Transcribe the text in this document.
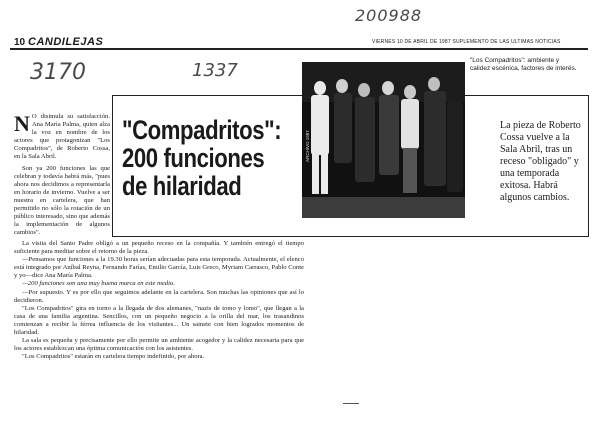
200988
3170	1337
10 CANDILEJAS	VIERNES 10 DE ABRIL DE 1987 SUPLEMENTO DE LAS ULTIMAS NOTICIAS
"Compadritos": 200 funciones de hilaridad
La pieza de Roberto Cossa vuelve a la Sala Abril, tras un receso "obligado" y una temporada exitosa. Habrá algunos cambios.
ARCHIVO 1987
"Los Compadritos": ambiente y calidez escénica, factores de interés.
N O disimula su satisfacción. Ana María Palma, quien alza la voz en nombre de los actores que protagonizan "Los Compadritos", de Roberto Cossa, en la Sala Abril.

Son ya 200 funciones las que celebran y todavía habrá más, "pues ahora nos decidimos a representarla en horario de invierno. Vuelve a ser nuestra en cartelera, que han permitido no sólo la rotación de un público interesado, sino que además la implementación de algunos cambios".

La visita del Santo Padre obligó a un pequeño receso en la compañía. Y también entregó el tiempo suficiente para meditar sobre el retorno de la pieza.

—Pensamos que funciones a la 19.30 horas serían adecuadas para esta temporada. Actualmente, el elenco está integrado por Aníbal Reyna, Fernando Farías, Emilio García, Luis Greco, Myriam Carrasco, Pablo Conte y yo—dice Ana María Palma.

—200 funciones son una muy buena marca en este medio.

—Por supuesto. Y es por ello que seguimos adelante en la cartelera. Son muchas las opiniones que así lo decidieron.

"Los Compadritos" gira en torno a la llegada de dos alemanes, "nazis de tomo y lomo", que llegan a la casa de una familia argentina. Sencillos, con un pequeño negocio a la orilla del mar, los trasandinos comienzan a recibir la férrea influencia de los visitantes... Un sainete con bien logrados momentos de hilaridad.

La sala es pequeña y precisamente por ello permite un ambiente acogedor y la calidez necesaria para que los actores establezcan una óptima comunicación con los asistentes.

"Los Compadritos" estarán en cartelera tiempo indefinido, por ahora.
